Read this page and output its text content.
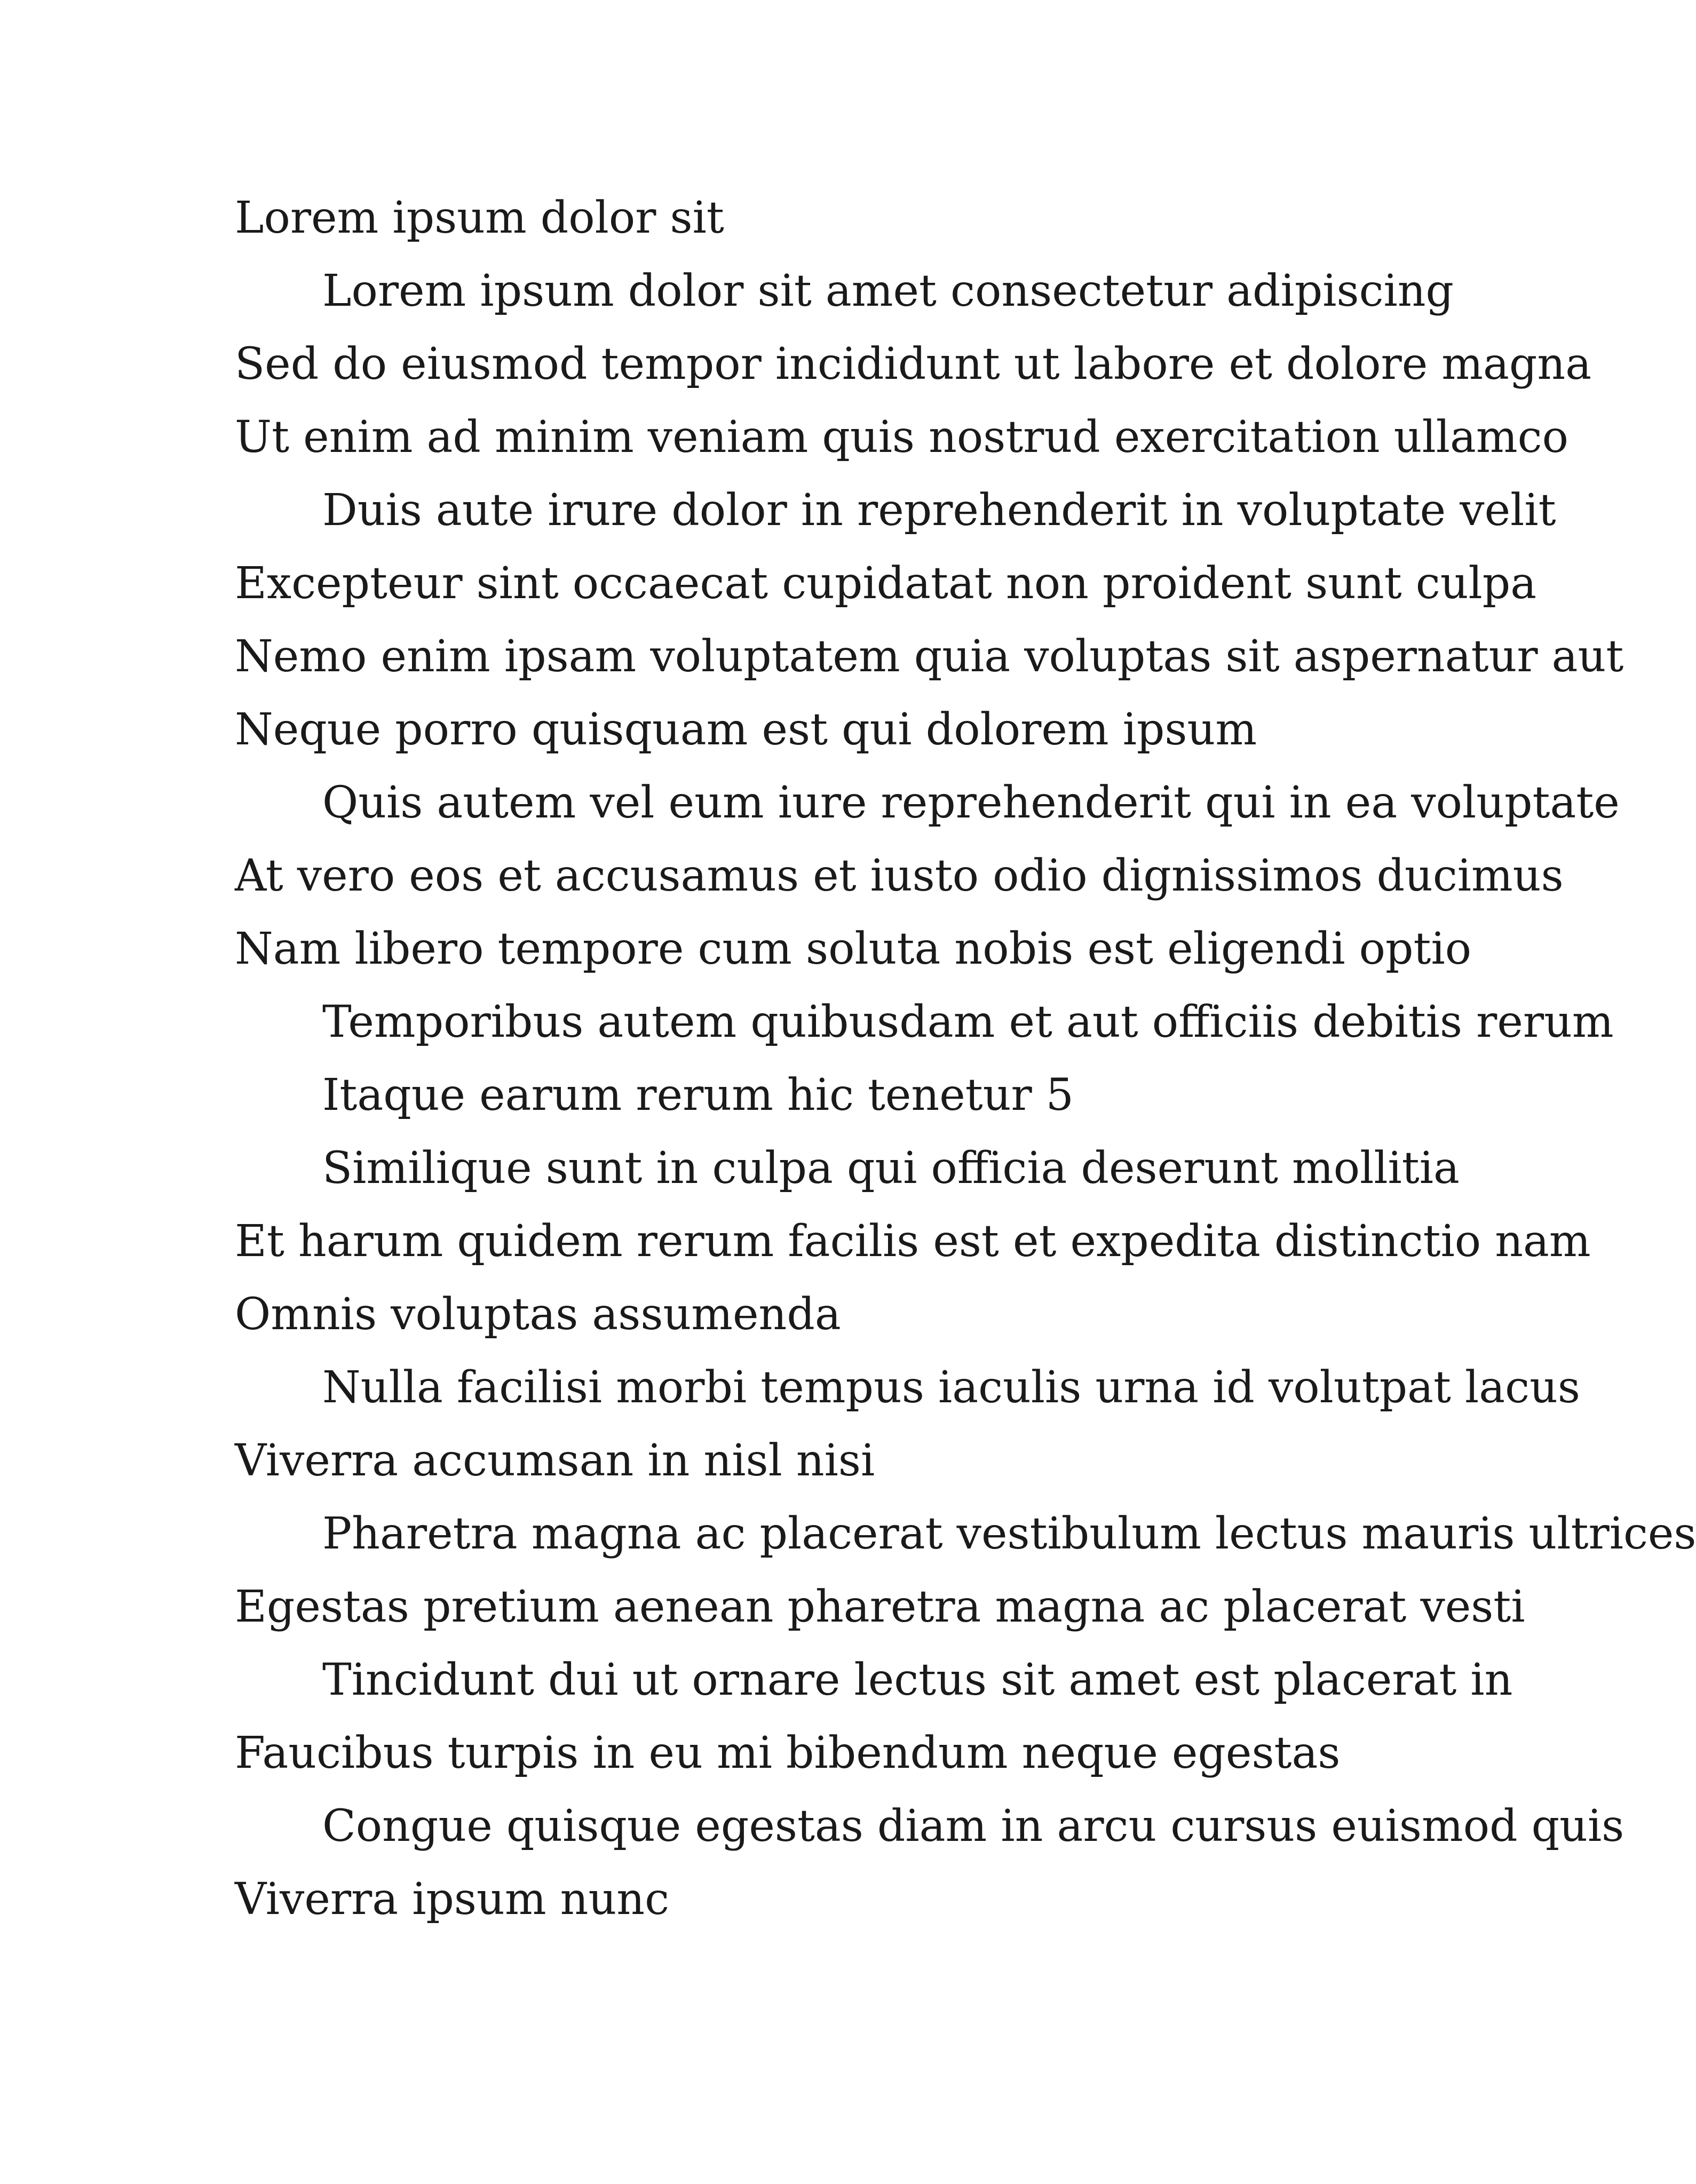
Lorem ipsum dolor sit
Lorem ipsum dolor sit amet consectetur adipiscing
Sed do eiusmod tempor incididunt ut labore et dolore magna
Ut enim ad minim veniam quis nostrud exercitation ullamco
Duis aute irure dolor in reprehenderit in voluptate velit
Excepteur sint occaecat cupidatat non proident sunt culpa
Nemo enim ipsam voluptatem quia voluptas sit aspernatur aut
Neque porro quisquam est qui dolorem ipsum
Quis autem vel eum iure reprehenderit qui in ea voluptate
At vero eos et accusamus et iusto odio dignissimos ducimus
Nam libero tempore cum soluta nobis est eligendi optio
Temporibus autem quibusdam et aut officiis debitis rerum
Itaque earum rerum hic tenetur 5
Similique sunt in culpa qui officia deserunt mollitia
Et harum quidem rerum facilis est et expedita distinctio nam
Omnis voluptas assumenda
Nulla facilisi morbi tempus iaculis urna id volutpat lacus
Viverra accumsan in nisl nisi
Pharetra magna ac placerat vestibulum lectus mauris ultrices
Egestas pretium aenean pharetra magna ac placerat vesti
Tincidunt dui ut ornare lectus sit amet est placerat in
Faucibus turpis in eu mi bibendum neque egestas
Congue quisque egestas diam in arcu cursus euismod quis
Viverra ipsum nunc
